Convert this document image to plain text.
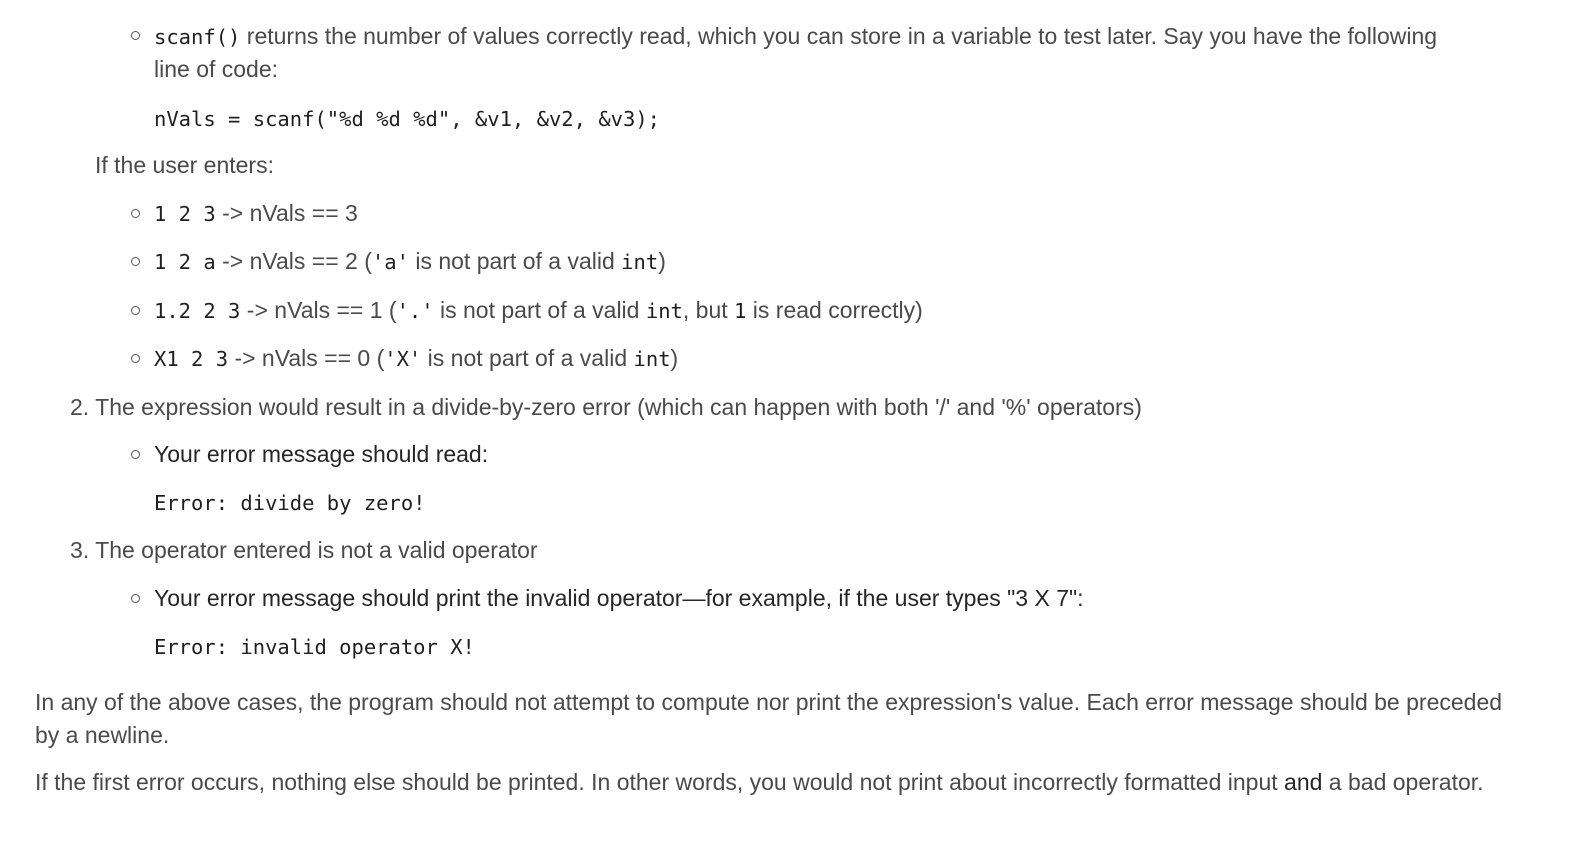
scanf() returns the number of values correctly read, which you can store in a variable to test later. Say you have the following
line of code:
nVals = scanf("%d %d %d", &v1, &v2, &v3);
If the user enters:
1 2 3 -> nVals == 3
1 2 a -> nVals == 2 ('a' is not part of a valid int)
1.2 2 3 -> nVals == 1 ('.' is not part of a valid int, but 1 is read correctly)
X1 2 3 -> nVals == 0 ('X' is not part of a valid int)
2. The expression would result in a divide-by-zero error (which can happen with both '/' and '%' operators)
Your error message should read:
Error: divide by zero!
3. The operator entered is not a valid operator
Your error message should print the invalid operator—for example, if the user types "3 X 7":
Error: invalid operator X!
In any of the above cases, the program should not attempt to compute nor print the expression's value. Each error message should be preceded by a newline.
If the first error occurs, nothing else should be printed. In other words, you would not print about incorrectly formatted input and a bad operator.
